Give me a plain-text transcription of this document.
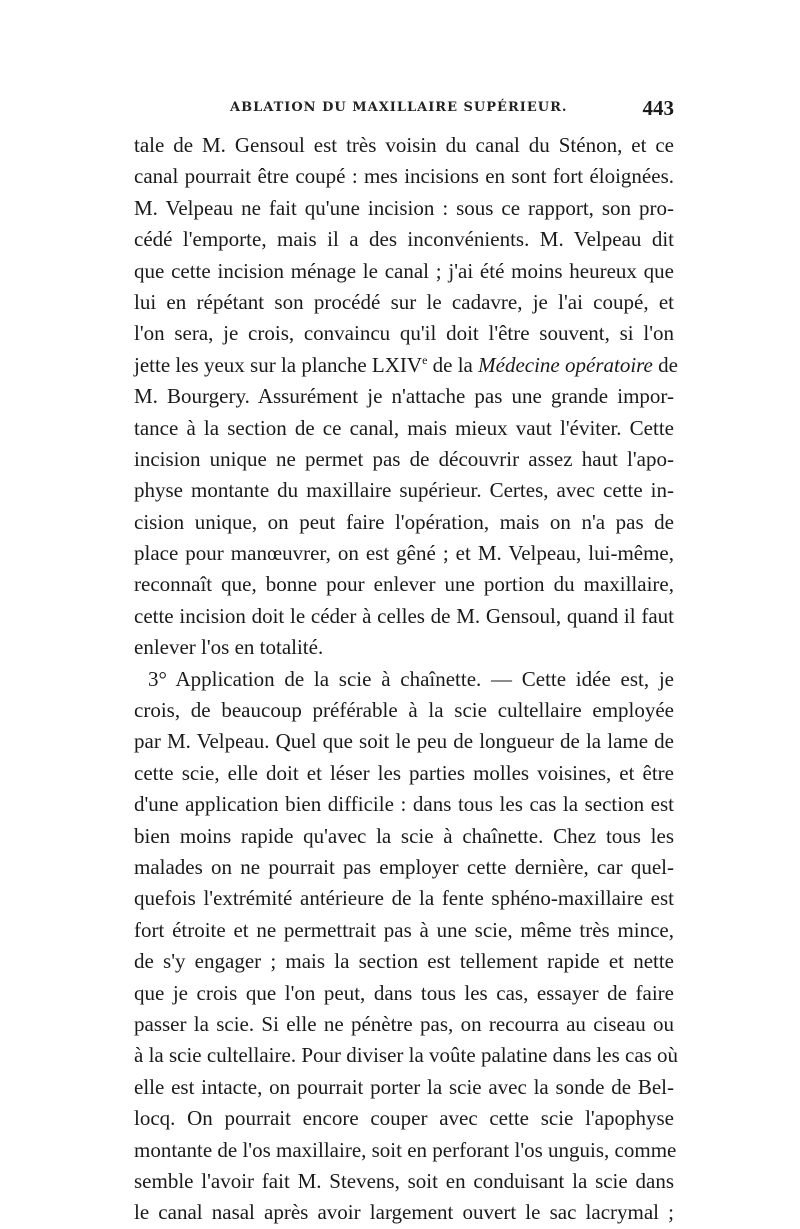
ABLATION DU MAXILLAIRE SUPÉRIEUR.	443
tale de M. Gensoul est très voisin du canal du Sténon, et ce
canal pourrait être coupé : mes incisions en sont fort éloignées.
M. Velpeau ne fait qu'une incision : sous ce rapport, son pro-
cédé l'emporte, mais il a des inconvénients. M. Velpeau dit
que cette incision ménage le canal ; j'ai été moins heureux que
lui en répétant son procédé sur le cadavre, je l'ai coupé, et
l'on sera, je crois, convaincu qu'il doit l'être souvent, si l'on
jette les yeux sur la planche LXIVe de la Médecine opératoire de
M. Bourgery. Assurément je n'attache pas une grande impor-
tance à la section de ce canal, mais mieux vaut l'éviter. Cette
incision unique ne permet pas de découvrir assez haut l'apo-
physe montante du maxillaire supérieur. Certes, avec cette in-
cision unique, on peut faire l'opération, mais on n'a pas de
place pour manœuvrer, on est gêné ; et M. Velpeau, lui-même,
reconnaît que, bonne pour enlever une portion du maxillaire,
cette incision doit le céder à celles de M. Gensoul, quand il faut
enlever l'os en totalité.
3° Application de la scie à chaînette. — Cette idée est, je
crois, de beaucoup préférable à la scie cultellaire employée
par M. Velpeau. Quel que soit le peu de longueur de la lame de
cette scie, elle doit et léser les parties molles voisines, et être
d'une application bien difficile : dans tous les cas la section est
bien moins rapide qu'avec la scie à chaînette. Chez tous les
malades on ne pourrait pas employer cette dernière, car quel-
quefois l'extrémité antérieure de la fente sphéno-maxillaire est
fort étroite et ne permettrait pas à une scie, même très mince,
de s'y engager ; mais la section est tellement rapide et nette
que je crois que l'on peut, dans tous les cas, essayer de faire
passer la scie. Si elle ne pénètre pas, on recourra au ciseau ou
à la scie cultellaire. Pour diviser la voûte palatine dans les cas où
elle est intacte, on pourrait porter la scie avec la sonde de Bel-
locq. On pourrait encore couper avec cette scie l'apophyse
montante de l'os maxillaire, soit en perforant l'os unguis, comme
semble l'avoir fait M. Stevens, soit en conduisant la scie dans
le canal nasal après avoir largement ouvert le sac lacrymal ;
